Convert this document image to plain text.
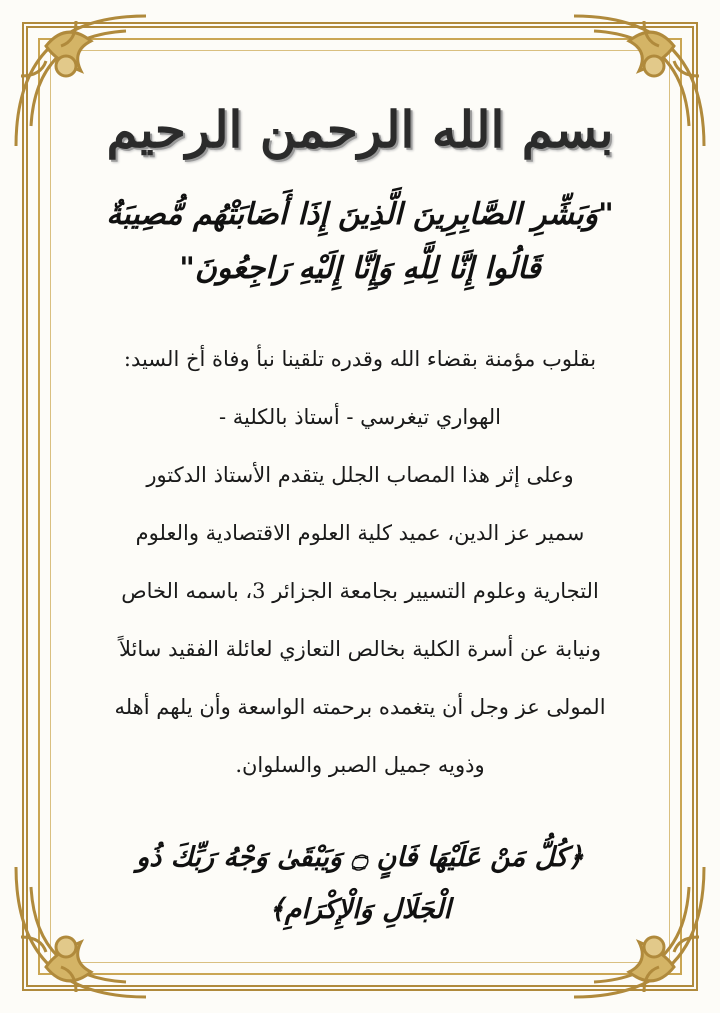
بسم الله الرحمن الرحيم
"وَبَشِّرِ الصَّابِرِينَ الَّذِينَ إِذَا أَصَابَتْهُم مُّصِيبَةٌ
قَالُوا إِنَّا لِلَّهِ وَإِنَّا إِلَيْهِ رَاجِعُونَ"
بقلوب مؤمنة بقضاء الله وقدره تلقينا نبأ وفاة أخ السيد:
الهواري تيغرسي - أستاذ بالكلية -
وعلى إثر هذا المصاب الجلل يتقدم الأستاذ الدكتور
سمير عز الدين، عميد كلية العلوم الاقتصادية والعلوم
التجارية وعلوم التسيير بجامعة الجزائر 3، باسمه الخاص
ونيابة عن أسرة الكلية بخالص التعازي لعائلة الفقيد سائلاً
المولى عز وجل أن يتغمده برحمته الواسعة وأن يلهم أهله
وذويه جميل الصبر والسلوان.
﴿كُلُّ مَنْ عَلَيْهَا فَانٍ ۝ وَيَبْقَىٰ وَجْهُ رَبِّكَ ذُو
الْجَلَالِ وَالْإِكْرَامِ﴾
